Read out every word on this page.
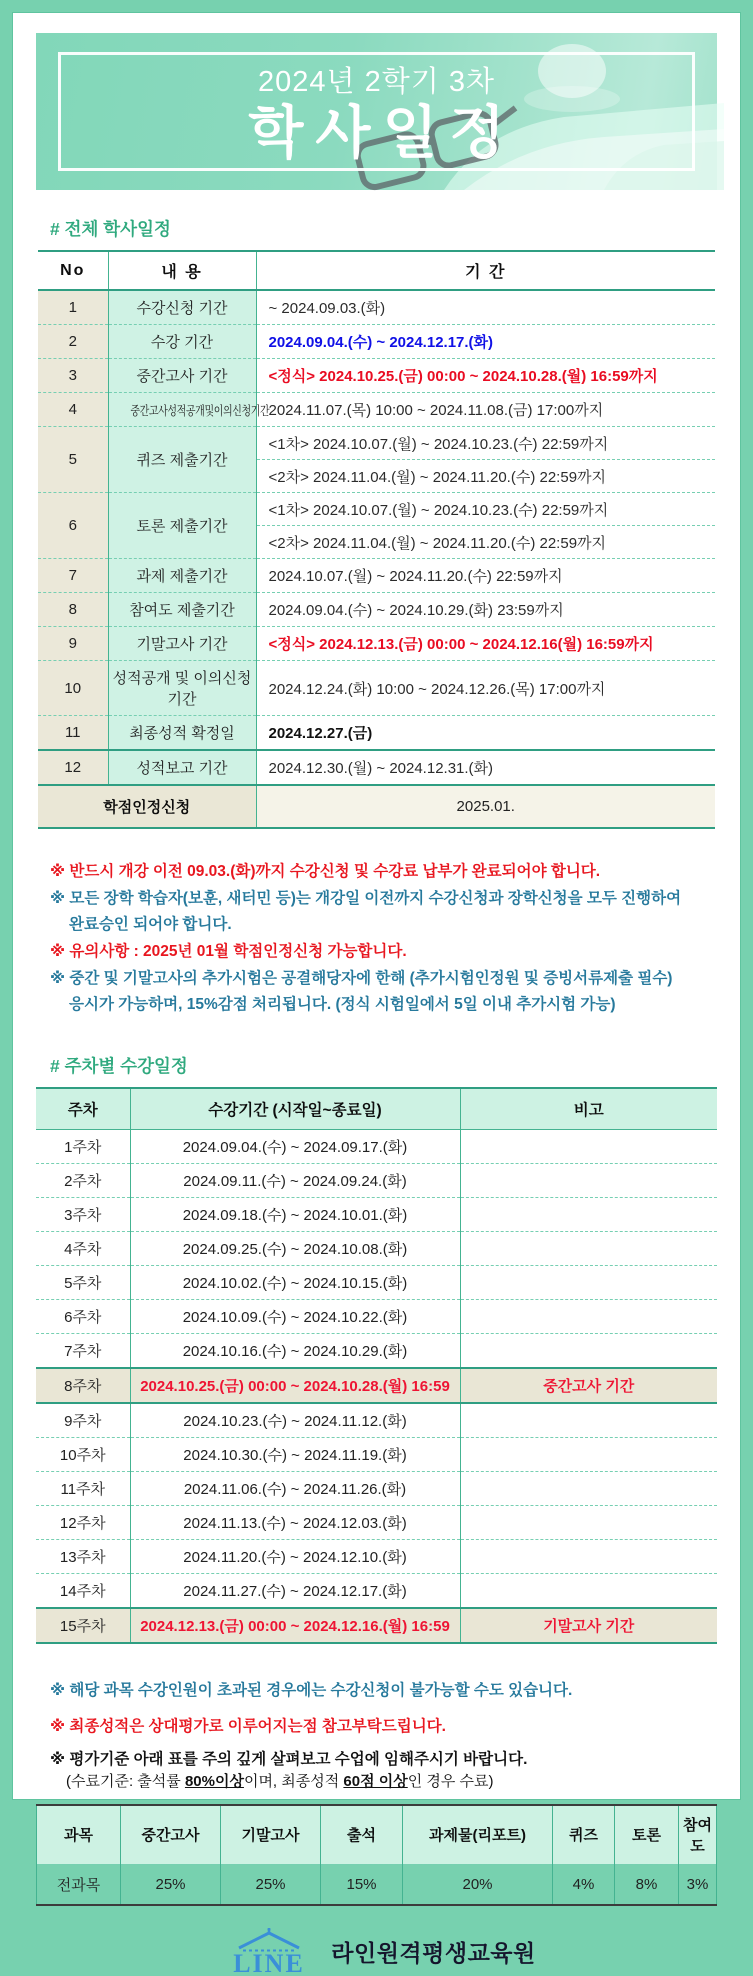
2024년 2학기 3차
학사일정
# 전체 학사일정
No	내 용	기 간
1	수강신청 기간	~ 2024.09.03.(화)
2	수강 기간	2024.09.04.(수) ~ 2024.12.17.(화)
3	중간고사 기간	<정식> 2024.10.25.(금) 00:00 ~ 2024.10.28.(월) 16:59까지
4	중간고사성적공개및이의신청기간	2024.11.07.(목) 10:00 ~ 2024.11.08.(금) 17:00까지
5	퀴즈 제출기간	<1차> 2024.10.07.(월) ~ 2024.10.23.(수) 22:59까지
<2차> 2024.11.04.(월) ~ 2024.11.20.(수) 22:59까지

6	토론 제출기간	<1차> 2024.10.07.(월) ~ 2024.10.23.(수) 22:59까지
<2차> 2024.11.04.(월) ~ 2024.11.20.(수) 22:59까지

7	과제 제출기간	2024.10.07.(월) ~ 2024.11.20.(수) 22:59까지
8	참여도 제출기간	2024.09.04.(수) ~ 2024.10.29.(화) 23:59까지
9	기말고사 기간	<정식> 2024.12.13.(금) 00:00 ~ 2024.12.16(월) 16:59까지
10	성적공개 및 이의신청 기간	2024.12.24.(화) 10:00 ~ 2024.12.26.(목) 17:00까지
11	최종성적 확정일	2024.12.27.(금)
12	성적보고 기간	2024.12.30.(월) ~ 2024.12.31.(화)
학점인정신청		2025.01.
※ 반드시 개강 이전 09.03.(화)까지 수강신청 및 수강료 납부가 완료되어야 합니다.
※ 모든 장학 학습자(보훈, 새터민 등)는 개강일 이전까지 수강신청과 장학신청을 모두 진행하여
완료승인 되어야 합니다.
※ 유의사항 : 2025년 01월 학점인정신청 가능합니다.
※ 중간 및 기말고사의 추가시험은 공결해당자에 한해 (추가시험인정원 및 증빙서류제출 필수)
응시가 가능하며, 15%감점 처리됩니다. (정식 시험일에서 5일 이내 추가시험 가능)
# 주차별 수강일정
주차	수강기간 (시작일~종료일)	비고
1주차	2024.09.04.(수) ~ 2024.09.17.(화)	
2주차	2024.09.11.(수) ~ 2024.09.24.(화)	
3주차	2024.09.18.(수) ~ 2024.10.01.(화)	
4주차	2024.09.25.(수) ~ 2024.10.08.(화)	
5주차	2024.10.02.(수) ~ 2024.10.15.(화)	
6주차	2024.10.09.(수) ~ 2024.10.22.(화)	
7주차	2024.10.16.(수) ~ 2024.10.29.(화)	
8주차	2024.10.25.(금) 00:00 ~ 2024.10.28.(월) 16:59	중간고사 기간
9주차	2024.10.23.(수) ~ 2024.11.12.(화)	
10주차	2024.10.30.(수) ~ 2024.11.19.(화)	
11주차	2024.11.06.(수) ~ 2024.11.26.(화)	
12주차	2024.11.13.(수) ~ 2024.12.03.(화)	
13주차	2024.11.20.(수) ~ 2024.12.10.(화)	
14주차	2024.11.27.(수) ~ 2024.12.17.(화)	
15주차	2024.12.13.(금) 00:00 ~ 2024.12.16.(월) 16:59	기말고사 기간
※ 해당 과목 수강인원이 초과된 경우에는 수강신청이 불가능할 수도 있습니다.
※ 최종성적은 상대평가로 이루어지는점 참고부탁드립니다.
※ 평가기준 아래 표를 주의 깊게 살펴보고 수업에 임해주시기 바랍니다.
(수료기준: 출석률 80%이상이며, 최종성적 60점 이상인 경우 수료)
과목	중간고사	기말고사	출석	과제물(리포트)	퀴즈	토론	참여도
전과목	25%	25%	15%	20%	4%	8%	3%
LINE 라인원격평생교육원
